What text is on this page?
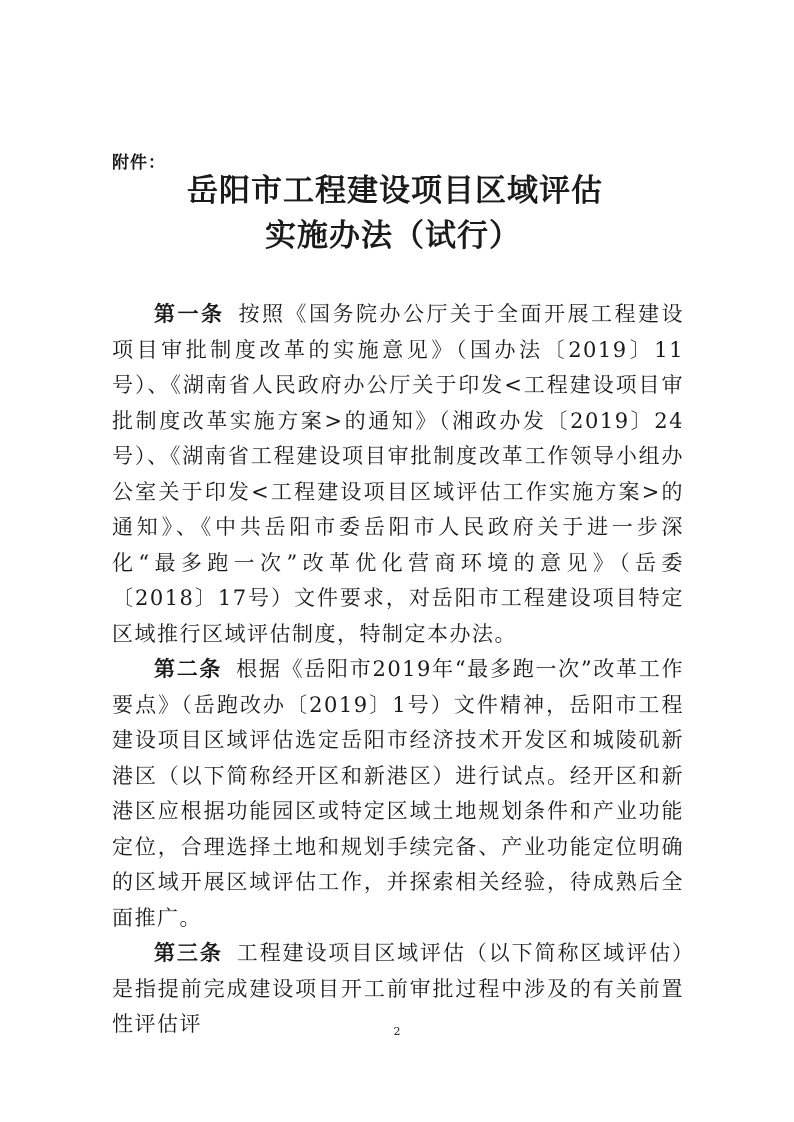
附件：
岳阳市工程建设项目区域评估
实施办法（试行）

第一条 按照《国务院办公厅关于全面开展工程建设项目审批制度改革的实施意见》（国办法〔2019〕11号）、《湖南省人民政府办公厅关于印发<工程建设项目审批制度改革实施方案>的通知》（湘政办发〔2019〕24号）、《湖南省工程建设项目审批制度改革工作领导小组办公室关于印发<工程建设项目区域评估工作实施方案>的通知》、《中共岳阳市委岳阳市人民政府关于进一步深化“最多跑一次”改革优化营商环境的意见》（岳委〔2018〕17号）文件要求，对岳阳市工程建设项目特定区域推行区域评估制度，特制定本办法。

第二条 根据《岳阳市2019年“最多跑一次”改革工作要点》（岳跑改办〔2019〕1号）文件精神，岳阳市工程建设项目区域评估选定岳阳市经济技术开发区和城陵矶新港区（以下简称经开区和新港区）进行试点。经开区和新港区应根据功能园区或特定区域土地规划条件和产业功能定位，合理选择土地和规划手续完备、产业功能定位明确的区域开展区域评估工作，并探索相关经验，待成熟后全面推广。

第三条 工程建设项目区域评估（以下简称区域评估）是指提前完成建设项目开工前审批过程中涉及的有关前置性评估评	2
